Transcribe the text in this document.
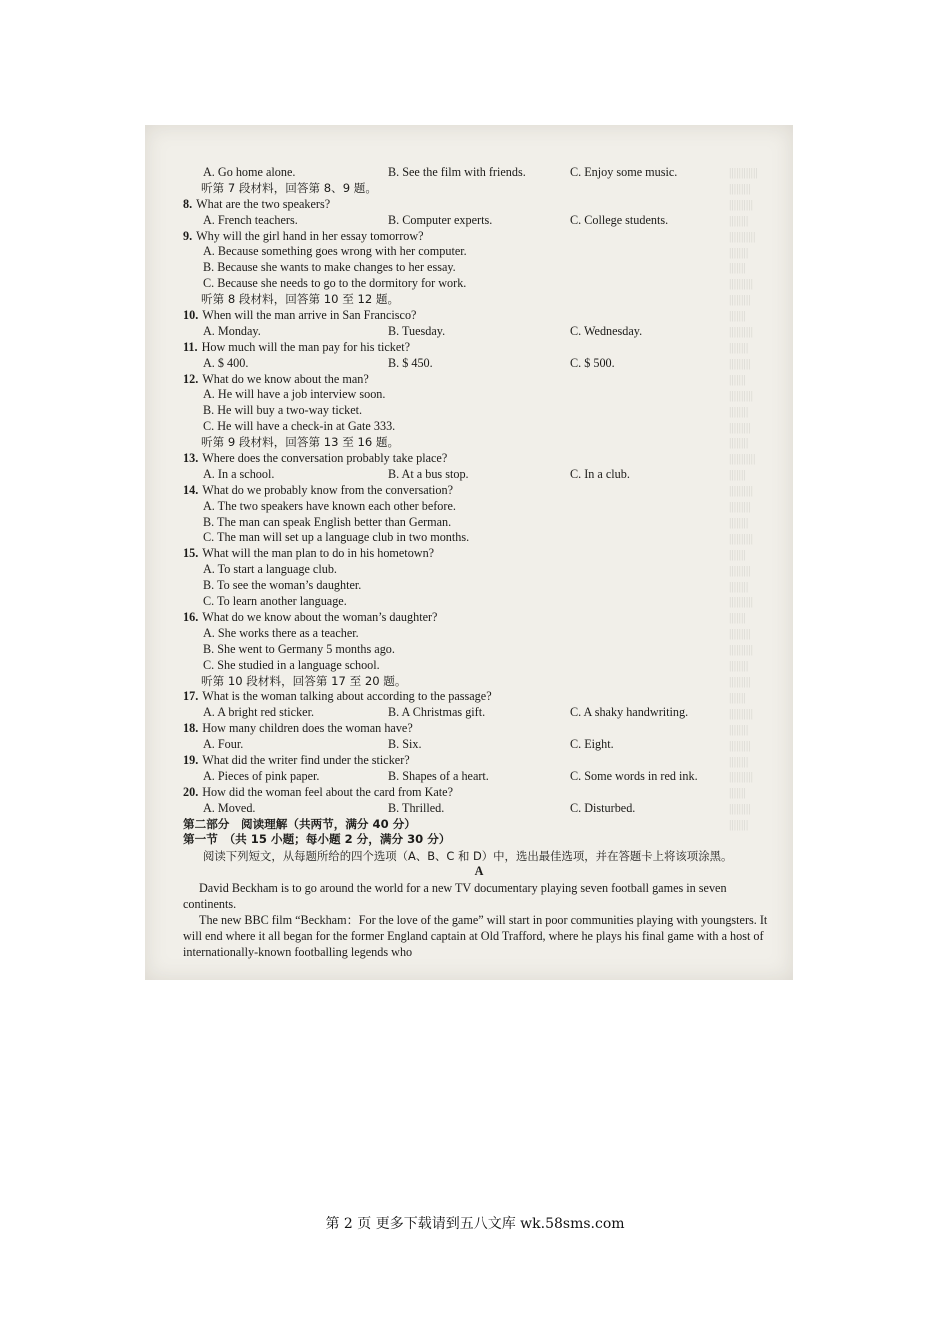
||||||||||||
|||||||||
||||||||||
||||||||
|||||||||||
||||||||
|||||||
||||||||||
|||||||||
|||||||
||||||||||
||||||||
|||||||||
|||||||
||||||||||
||||||||
|||||||||
||||||||
|||||||||||
|||||||
||||||||||
|||||||||
||||||||
||||||||||
|||||||
|||||||||
||||||||
||||||||||
|||||||
|||||||||
||||||||||
||||||||
|||||||||
|||||||
||||||||||
||||||||
|||||||||
||||||||
||||||||||
|||||||
|||||||||
||||||||
A. Go home alone.	B. See the film with friends.	C. Enjoy some music.
听第 7 段材料，回答第 8、9 题。
8. What are the two speakers?
A. French teachers.	B. Computer experts.	C. College students.
9. Why will the girl hand in her essay tomorrow?
A. Because something goes wrong with her computer.
B. Because she wants to make changes to her essay.
C. Because she needs to go to the dormitory for work.
听第 8 段材料，回答第 10 至 12 题。
10. When will the man arrive in San Francisco?
A. Monday.	B. Tuesday.	C. Wednesday.
11. How much will the man pay for his ticket?
A. $ 400.	B. $ 450.	C. $ 500.
12. What do we know about the man?
A. He will have a job interview soon.
B. He will buy a two-way ticket.
C. He will have a check-in at Gate 333.
听第 9 段材料，回答第 13 至 16 题。
13. Where does the conversation probably take place?
A. In a school.	B. At a bus stop.	C. In a club.
14. What do we probably know from the conversation?
A. The two speakers have known each other before.
B. The man can speak English better than German.
C. The man will set up a language club in two months.
15. What will the man plan to do in his hometown?
A. To start a language club.
B. To see the woman’s daughter.
C. To learn another language.
16. What do we know about the woman’s daughter?
A. She works there as a teacher.
B. She went to Germany 5 months ago.
C. She studied in a language school.
听第 10 段材料，回答第 17 至 20 题。
17. What is the woman talking about according to the passage?
A. A bright red sticker.	B. A Christmas gift.	C. A shaky handwriting.
18. How many children does the woman have?
A. Four.	B. Six.	C. Eight.
19. What did the writer find under the sticker?
A. Pieces of pink paper.	B. Shapes of a heart.	C. Some words in red ink.
20. How did the woman feel about the card from Kate?
A. Moved.	B. Thrilled.	C. Disturbed.
第二部分　阅读理解（共两节，满分 40 分）
第一节　（共 15 小题；每小题 2 分，满分 30 分）
阅读下列短文，从每题所给的四个选项（A、B、C 和 D）中，选出最佳选项，并在答题卡上将该项涂黑。
A
David Beckham is to go around the world for a new TV documentary playing seven football games in seven continents.
The new BBC film “Beckham：For the love of the game” will start in poor communities playing with youngsters. It will end where it all began for the former England captain at Old Trafford, where he plays his final game with a host of internationally-known footballing legends who
第 2 页 更多下载请到五八文库 wk.58sms.com
